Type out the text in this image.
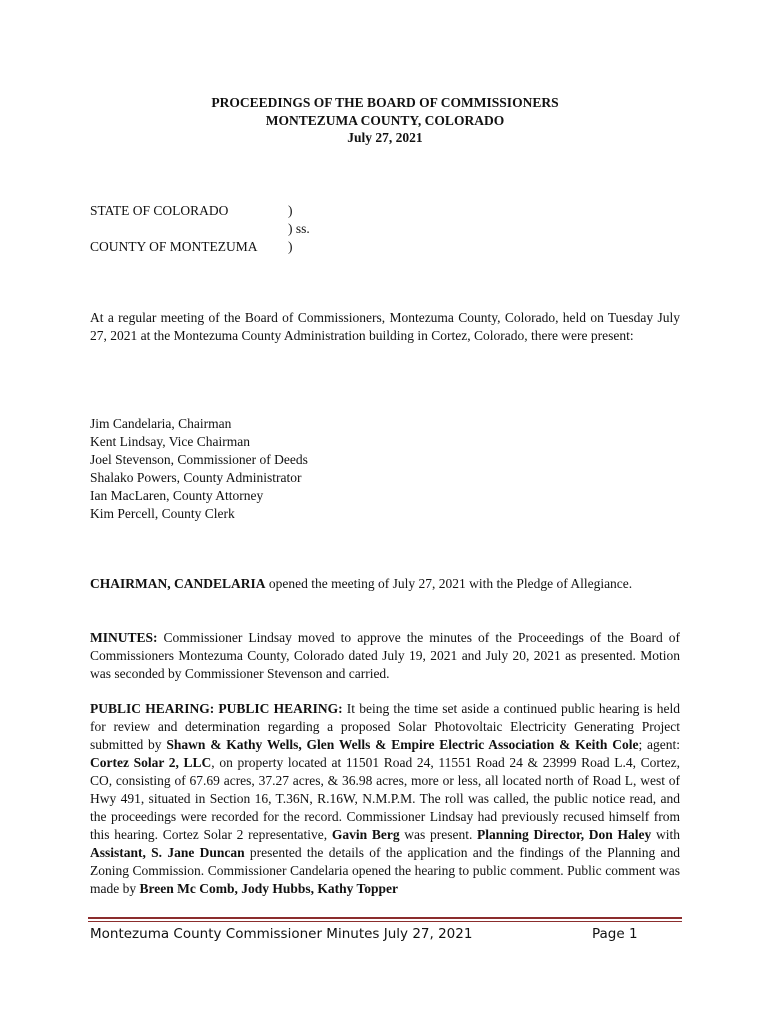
PROCEEDINGS OF THE BOARD OF COMMISSIONERS
MONTEZUMA COUNTY, COLORADO
July 27, 2021
STATE OF COLORADO	)
) ss.
COUNTY OF MONTEZUMA )
At a regular meeting of the Board of Commissioners, Montezuma County, Colorado, held on Tuesday July 27, 2021 at the Montezuma County Administration building in Cortez, Colorado, there were present:
Jim Candelaria, Chairman
Kent Lindsay, Vice Chairman
Joel Stevenson, Commissioner of Deeds
Shalako Powers, County Administrator
Ian MacLaren, County Attorney
Kim Percell, County Clerk
CHAIRMAN, CANDELARIA opened the meeting of July 27, 2021 with the Pledge of Allegiance.
MINUTES: Commissioner Lindsay moved to approve the minutes of the Proceedings of the Board of Commissioners Montezuma County, Colorado dated July 19, 2021 and July 20, 2021 as presented. Motion was seconded by Commissioner Stevenson and carried.
PUBLIC HEARING: PUBLIC HEARING: It being the time set aside a continued public hearing is held for review and determination regarding a proposed Solar Photovoltaic Electricity Generating Project submitted by Shawn & Kathy Wells, Glen Wells & Empire Electric Association & Keith Cole; agent: Cortez Solar 2, LLC, on property located at 11501 Road 24, 11551 Road 24 & 23999 Road L.4, Cortez, CO, consisting of 67.69 acres, 37.27 acres, & 36.98 acres, more or less, all located north of Road L, west of Hwy 491, situated in Section 16, T.36N, R.16W, N.M.P.M. The roll was called, the public notice read, and the proceedings were recorded for the record. Commissioner Lindsay had previously recused himself from this hearing. Cortez Solar 2 representative, Gavin Berg was present. Planning Director, Don Haley with Assistant, S. Jane Duncan presented the details of the application and the findings of the Planning and Zoning Commission. Commissioner Candelaria opened the hearing to public comment. Public comment was made by Breen Mc Comb, Jody Hubbs, Kathy Topper
Montezuma County Commissioner Minutes July 27, 2021	Page 1
